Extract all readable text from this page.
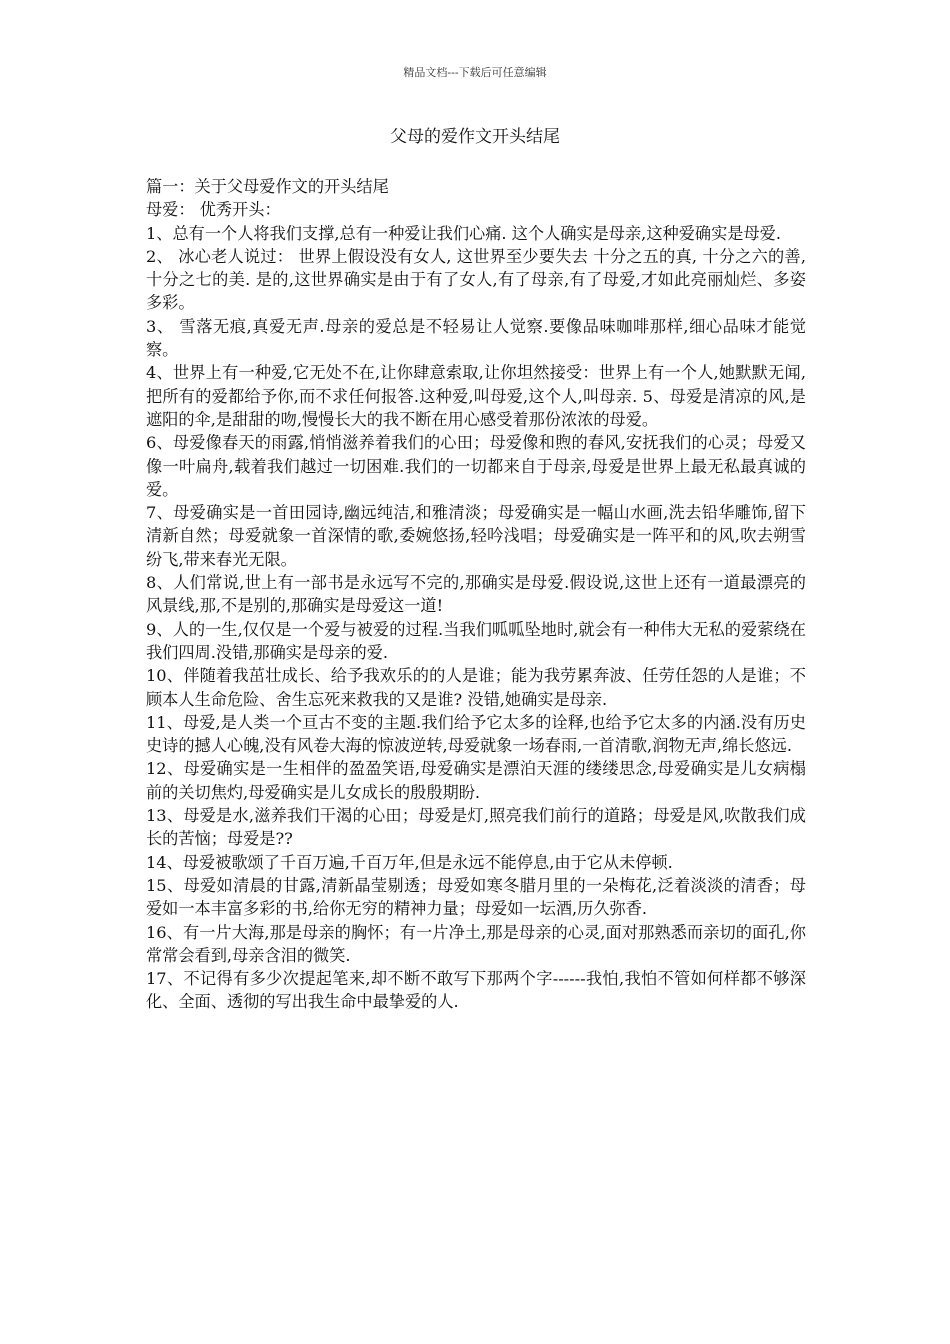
精品文档---下载后可任意编辑
父母的爱作文开头结尾

篇一：关于父母爱作文的开头结尾

母爱： 优秀开头：

1、总有一个人将我们支撑,总有一种爱让我们心痛. 这个人确实是母亲,这种爱确实是母爱.

2、 冰心老人说过： 世界上假设没有女人, 这世界至少要失去 十分之五的真, 十分之六的善, 十分之七的美. 是的,这世界确实是由于有了女人,有了母亲,有了母爱,才如此亮丽灿烂、多姿多彩。

3、 雪落无痕,真爱无声.母亲的爱总是不轻易让人觉察.要像品味咖啡那样,细心品味才能觉察。

4、世界上有一种爱,它无处不在,让你肆意索取,让你坦然接受：世界上有一个人,她默默无闻,把所有的爱都给予你,而不求任何报答.这种爱,叫母爱,这个人,叫母亲. 5、母爱是清凉的风,是遮阳的伞,是甜甜的吻,慢慢长大的我不断在用心感受着那份浓浓的母爱。

6、母爱像春天的雨露,悄悄滋养着我们的心田；母爱像和煦的春风,安抚我们的心灵；母爱又像一叶扁舟,载着我们越过一切困难.我们的一切都来自于母亲,母爱是世界上最无私最真诚的爱。

7、母爱确实是一首田园诗,幽远纯洁,和雅清淡；母爱确实是一幅山水画,洗去铅华雕饰,留下清新自然；母爱就象一首深情的歌,委婉悠扬,轻吟浅唱；母爱确实是一阵平和的风,吹去朔雪纷飞,带来春光无限。

8、人们常说,世上有一部书是永远写不完的,那确实是母爱.假设说,这世上还有一道最漂亮的风景线,那,不是别的,那确实是母爱这一道!

9、人的一生,仅仅是一个爱与被爱的过程.当我们呱呱坠地时,就会有一种伟大无私的爱萦绕在我们四周.没错,那确实是母亲的爱.

10、伴随着我茁壮成长、给予我欢乐的的人是谁；能为我劳累奔波、任劳任怨的人是谁；不顾本人生命危险、舍生忘死来救我的又是谁? 没错,她确实是母亲.

11、母爱,是人类一个亘古不变的主题.我们给予它太多的诠释,也给予它太多的内涵.没有历史史诗的撼人心魄,没有风卷大海的惊波逆转,母爱就象一场春雨,一首清歌,润物无声,绵长悠远.

12、母爱确实是一生相伴的盈盈笑语,母爱确实是漂泊天涯的缕缕思念,母爱确实是儿女病榻前的关切焦灼,母爱确实是儿女成长的殷殷期盼.

13、母爱是水,滋养我们干渴的心田；母爱是灯,照亮我们前行的道路；母爱是风,吹散我们成长的苦恼；母爱是??

14、母爱被歌颂了千百万遍,千百万年,但是永远不能停息,由于它从未停顿.

15、母爱如清晨的甘露,清新晶莹剔透；母爱如寒冬腊月里的一朵梅花,泛着淡淡的清香；母爱如一本丰富多彩的书,给你无穷的精神力量；母爱如一坛酒,历久弥香.

16、有一片大海,那是母亲的胸怀；有一片净土,那是母亲的心灵,面对那熟悉而亲切的面孔,你常常会看到,母亲含泪的微笑.

17、不记得有多少次提起笔来,却不断不敢写下那两个字------我怕,我怕不管如何样都不够深化、全面、透彻的写出我生命中最挚爱的人.
